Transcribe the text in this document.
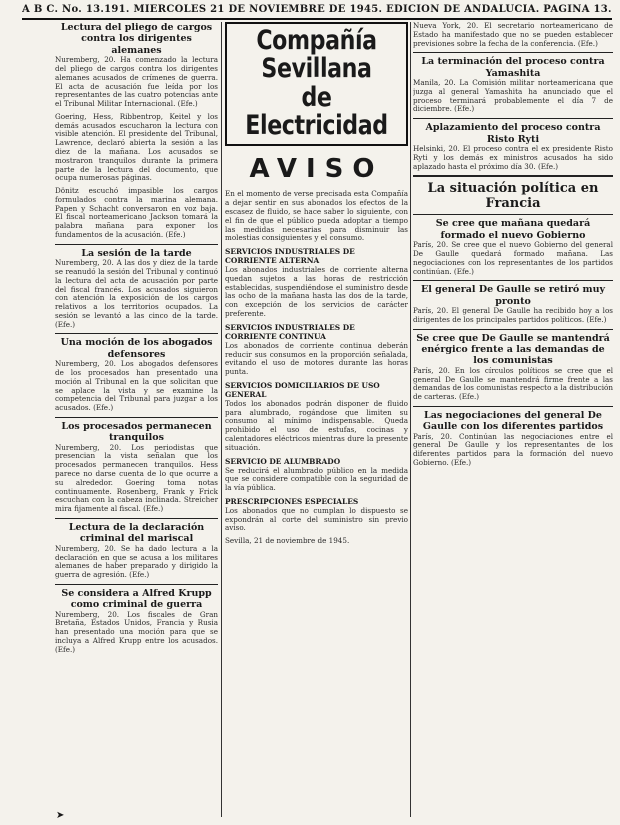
A B C. No. 13.191. MIERCOLES 21 DE NOVIEMBRE DE 1945. EDICION DE ANDALUCIA. PAGINA 13.

Lectura del pliego de cargos contra los dirigentes alemanes

Nuremberg, 20. Ha comenzado la lectura del pliego de cargos contra los dirigentes alemanes acusados de crímenes de guerra. El acta de acusación fue leída por los representantes de las cuatro potencias ante el Tribunal Militar Internacional. (Efe.)

Goering, Hess, Ribbentrop, Keitel y los demás acusados escucharon la lectura con visible atención. El presidente del Tribunal, Lawrence, declaró abierta la sesión a las diez de la mañana. Los acusados se mostraron tranquilos durante la primera parte de la lectura del documento, que ocupa numerosas páginas.

Dönitz escuchó impasible los cargos formulados contra la marina alemana. Papen y Schacht conversaron en voz baja. El fiscal norteamericano Jackson tomará la palabra mañana para exponer los fundamentos de la acusación. (Efe.)

La sesión de la tarde

Nuremberg, 20. A las dos y diez de la tarde se reanudó la sesión del Tribunal y continuó la lectura del acta de acusación por parte del fiscal francés. Los acusados siguieron con atención la exposición de los cargos relativos a los territorios ocupados. La sesión se levantó a las cinco de la tarde. (Efe.)

Una moción de los abogados defensores

Nuremberg, 20. Los abogados defensores de los procesados han presentado una moción al Tribunal en la que solicitan que se aplace la vista y se examine la competencia del Tribunal para juzgar a los acusados. (Efe.)

Los procesados permanecen tranquilos

Nuremberg, 20. Los periodistas que presencian la vista señalan que los procesados permanecen tranquilos. Hess parece no darse cuenta de lo que ocurre a su alrededor. Goering toma notas continuamente. Rosenberg, Frank y Frick escuchan con la cabeza inclinada. Streicher mira fijamente al fiscal. (Efe.)

Lectura de la declaración criminal del mariscal

Nuremberg, 20. Se ha dado lectura a la declaración en que se acusa a los militares alemanes de haber preparado y dirigido la guerra de agresión. (Efe.)

Se considera a Alfred Krupp como criminal de guerra

Nuremberg, 20. Los fiscales de Gran Bretaña, Estados Unidos, Francia y Rusia han presentado una moción para que se incluya a Alfred Krupp entre los acusados. (Efe.)

Compañía Sevillana
de Electricidad
AVISO

En el momento de verse precisada esta Compañía a dejar sentir en sus abonados los efectos de la escasez de fluido, se hace saber lo siguiente, con el fin de que el público pueda adoptar a tiempo las medidas necesarias para disminuir las molestias consiguientes y el consumo.

SERVICIOS INDUSTRIALES DE CORRIENTE ALTERNA

Los abonados industriales de corriente alterna quedan sujetos a las horas de restricción establecidas, suspendiéndose el suministro desde las ocho de la mañana hasta las dos de la tarde, con excepción de los servicios de carácter preferente.

SERVICIOS INDUSTRIALES DE CORRIENTE CONTINUA

Los abonados de corriente continua deberán reducir sus consumos en la proporción señalada, evitando el uso de motores durante las horas punta.

SERVICIOS DOMICILIARIOS DE USO GENERAL

Todos los abonados podrán disponer de fluido para alumbrado, rogándose que limiten su consumo al mínimo indispensable. Queda prohibido el uso de estufas, cocinas y calentadores eléctricos mientras dure la presente situación.

SERVICIO DE ALUMBRADO

Se reducirá el alumbrado público en la medida que se considere compatible con la seguridad de la vía pública.

PRESCRIPCIONES ESPECIALES

Los abonados que no cumplan lo dispuesto se expondrán al corte del suministro sin previo aviso.

Sevilla, 21 de noviembre de 1945.

Nueva York, 20. El secretario norteamericano de Estado ha manifestado que no se pueden establecer previsiones sobre la fecha de la conferencia. (Efe.)

La terminación del proceso contra Yamashita

Manila, 20. La Comisión militar norteamericana que juzga al general Yamashita ha anunciado que el proceso terminará probablemente el día 7 de diciembre. (Efe.)

Aplazamiento del proceso contra Risto Ryti

Helsinki, 20. El proceso contra el ex presidente Risto Ryti y los demás ex ministros acusados ha sido aplazado hasta el próximo día 30. (Efe.)

La situación política en Francia

Se cree que mañana quedará formado el nuevo Gobierno

París, 20. Se cree que el nuevo Gobierno del general De Gaulle quedará formado mañana. Las negociaciones con los representantes de los partidos continúan. (Efe.)

El general De Gaulle se retiró muy pronto

París, 20. El general De Gaulle ha recibido hoy a los dirigentes de los principales partidos políticos. (Efe.)

Se cree que De Gaulle se mantendrá enérgico frente a las demandas de los comunistas

París, 20. En los círculos políticos se cree que el general De Gaulle se mantendrá firme frente a las demandas de los comunistas respecto a la distribución de carteras. (Efe.)

Las negociaciones del general De Gaulle con los diferentes partidos

París, 20. Continúan las negociaciones entre el general De Gaulle y los representantes de los diferentes partidos para la formación del nuevo Gobierno. (Efe.)

➤
